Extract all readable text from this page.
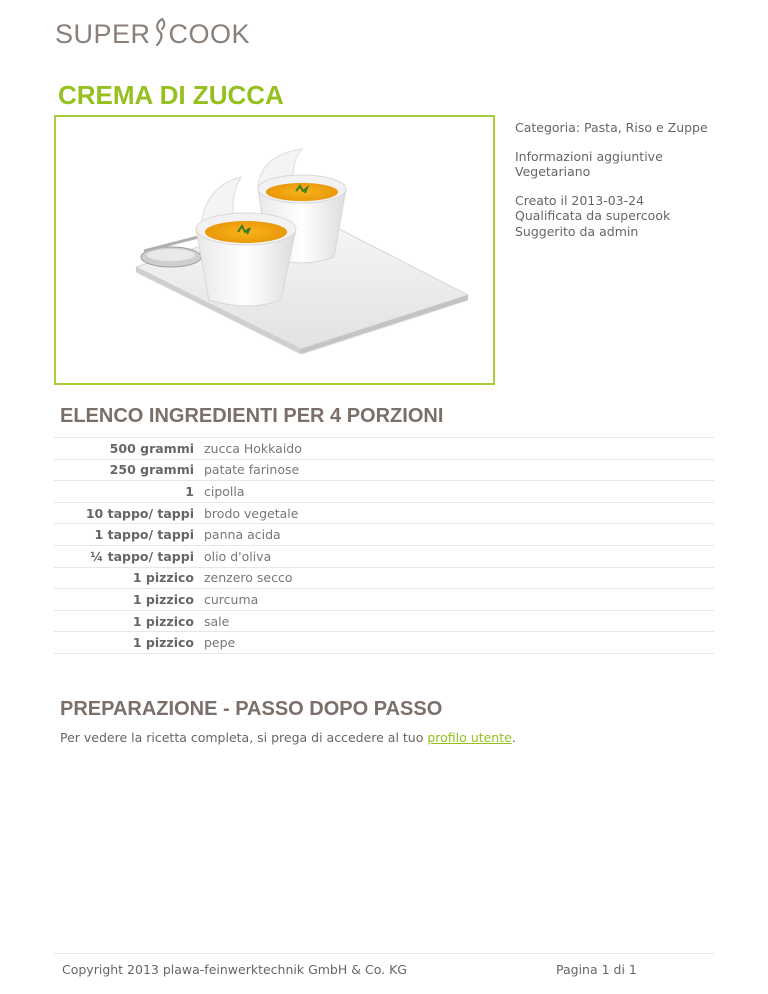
SUPER COOK
CREMA DI ZUCCA

Categoria: Pasta, Riso e Zuppe

Informazioni aggiuntive
Vegetariano

Creato il 2013-03-24
Qualificata da supercook
Suggerito da admin

ELENCO INGREDIENTI PER 4 PORZIONI
500 grammi	zucca Hokkaido
250 grammi	patate farinose
1	cipolla
10 tappo/ tappi	brodo vegetale
1 tappo/ tappi	panna acida
¼ tappo/ tappi	olio d'oliva
1 pizzico	zenzero secco
1 pizzico	curcuma
1 pizzico	sale
1 pizzico	pepe
PREPARAZIONE - PASSO DOPO PASSO
Per vedere la ricetta completa, si prega di accedere al tuo profilo utente.
Copyright 2013 plawa-feinwerktechnik GmbH & Co. KG	Pagina 1 di 1
